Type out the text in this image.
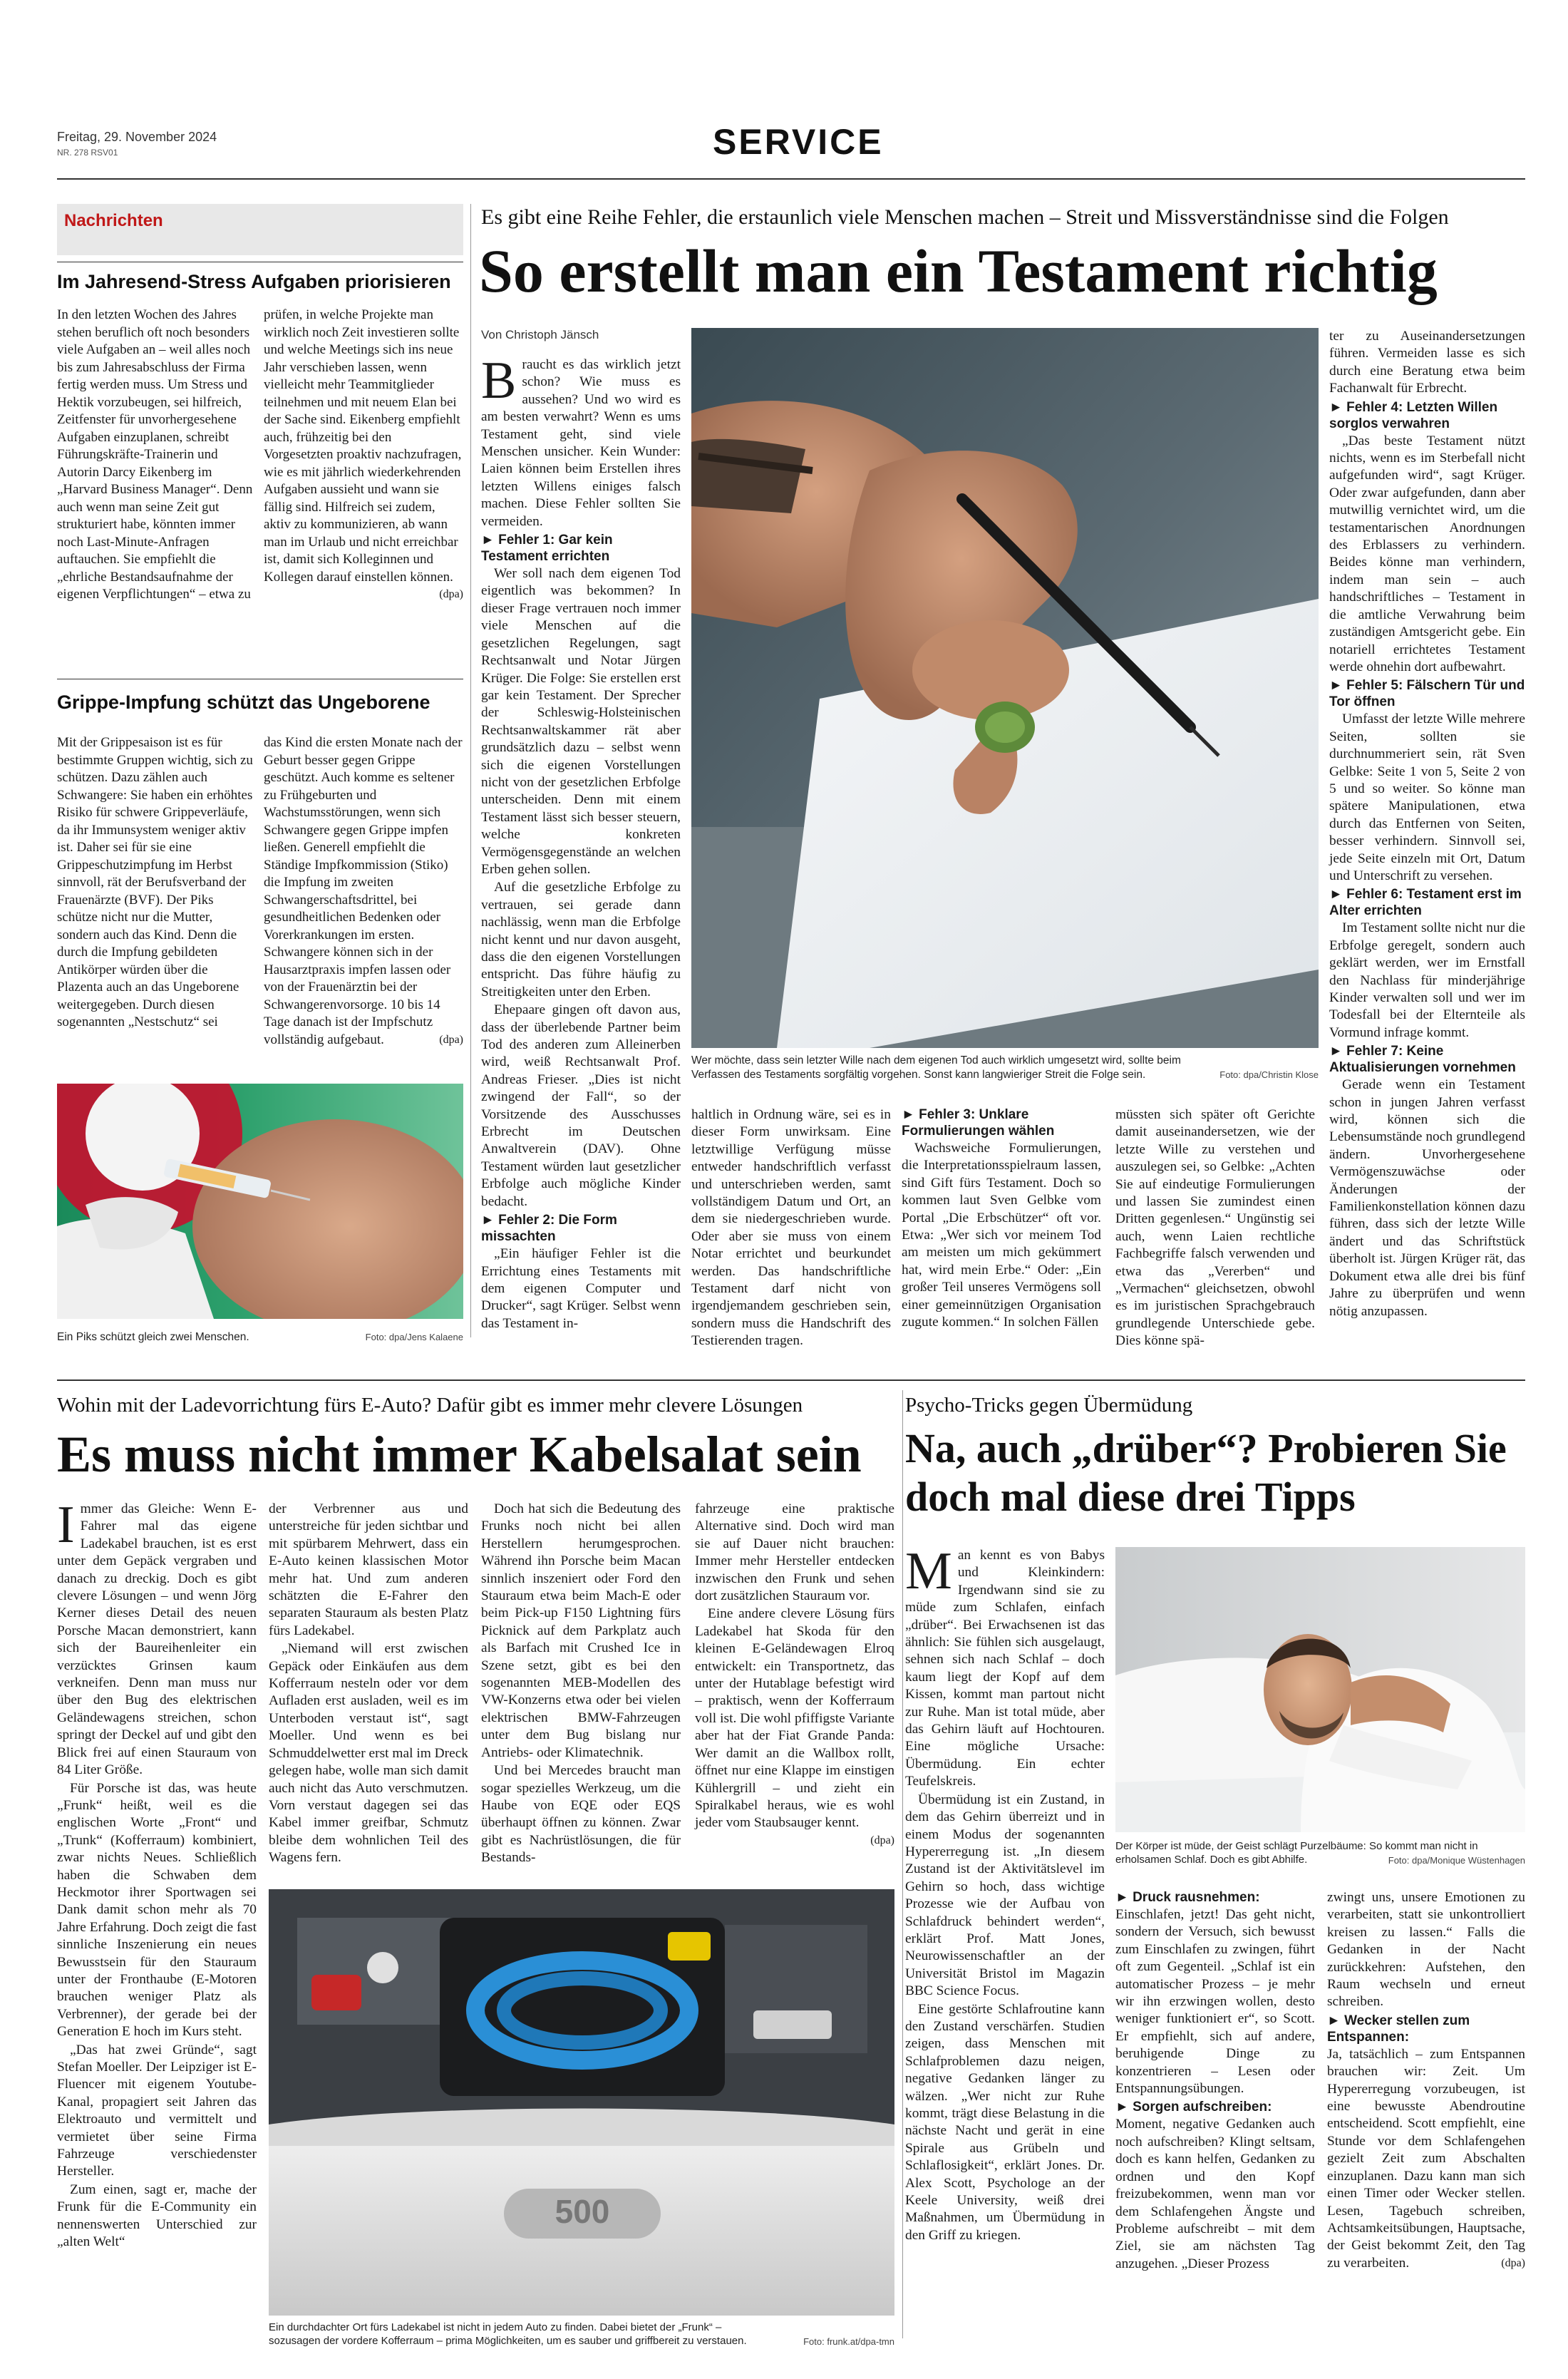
Freitag, 29. November 2024
NR. 278 RSV01	SERVICE
Nachrichten
Im Jahresend-Stress Aufgaben priorisieren

In den letzten Wochen des Jahres stehen beruflich oft noch besonders viele Aufgaben an – weil alles noch bis zum Jahresabschluss der Firma fertig werden muss. Um Stress und Hektik vorzubeugen, sei hilfreich, Zeitfenster für unvorhergesehene Aufgaben einzuplanen, schreibt Führungskräfte-Trainerin und Autorin Darcy Eikenberg im „Harvard Business Manager“. Denn auch wenn man seine Zeit gut strukturiert habe, könnten immer noch Last-Minute-Anfragen auftauchen. Sie empfiehlt die „ehrliche Bestandsaufnahme der eigenen Verpflichtungen“ – etwa zu

prüfen, in welche Projekte man wirklich noch Zeit investieren sollte und welche Meetings sich ins neue Jahr verschieben lassen, wenn vielleicht mehr Teammitglieder teilnehmen und mit neuem Elan bei der Sache sind. Eikenberg empfiehlt auch, frühzeitig bei den Vorgesetzten proaktiv nachzufragen, wie es mit jährlich wiederkehrenden Aufgaben aussieht und wann sie fällig sind. Hilfreich sei zudem, aktiv zu kommunizieren, ab wann man im Urlaub und nicht erreichbar ist, damit sich Kolleginnen und Kollegen darauf einstellen können.
(dpa)

Grippe-Impfung schützt das Ungeborene

Mit der Grippesaison ist es für bestimmte Gruppen wichtig, sich zu schützen. Dazu zählen auch Schwangere: Sie haben ein erhöhtes Risiko für schwere Grippeverläufe, da ihr Immunsystem weniger aktiv ist. Daher sei für sie eine Grippeschutzimpfung im Herbst sinnvoll, rät der Berufsverband der Frauenärzte (BVF). Der Piks schütze nicht nur die Mutter, sondern auch das Kind. Denn die durch die Impfung gebildeten Antikörper würden über die Plazenta auch an das Ungeborene weitergegeben. Durch diesen sogenannten „Nestschutz“ sei

das Kind die ersten Monate nach der Geburt besser gegen Grippe geschützt. Auch komme es seltener zu Frühgeburten und Wachstumsstörungen, wenn sich Schwangere gegen Grippe impfen ließen. Generell empfiehlt die Ständige Impfkommission (Stiko) die Impfung im zweiten Schwangerschaftsdrittel, bei gesundheitlichen Bedenken oder Vorerkrankungen im ersten. Schwangere können sich in der Hausarztpraxis impfen lassen oder von der Frauenärztin bei der Schwangerenvorsorge. 10 bis 14 Tage danach ist der Impfschutz vollständig aufgebaut.	(dpa)

Ein Piks schützt gleich zwei Menschen.	Foto: dpa/Jens Kalaene
Es gibt eine Reihe Fehler, die erstaunlich viele Menschen machen – Streit und Missverständnisse sind die Folgen
So erstellt man ein Testament richtig
Von Christoph Jänsch

Braucht es das wirklich jetzt schon? Wie muss es aussehen? Und wo wird es am besten verwahrt? Wenn es ums Testament geht, sind viele Menschen unsicher. Kein Wunder: Laien können beim Erstellen ihres letzten Willens einiges falsch machen. Diese Fehler sollten Sie vermeiden.

► Fehler 1: Gar kein Testament errichten

Wer soll nach dem eigenen Tod eigentlich was bekommen? In dieser Frage vertrauen noch immer viele Menschen auf die gesetzlichen Regelungen, sagt Rechtsanwalt und Notar Jürgen Krüger. Die Folge: Sie erstellen erst gar kein Testament. Der Sprecher der Schleswig-Holsteinischen Rechtsanwaltskammer rät aber grundsätzlich dazu – selbst wenn sich die eigenen Vorstellungen nicht von der gesetzlichen Erbfolge unterscheiden. Denn mit einem Testament lässt sich besser steuern, welche konkreten Vermögensgegenstände an welchen Erben gehen sollen.

Auf die gesetzliche Erbfolge zu vertrauen, sei gerade dann nachlässig, wenn man die Erbfolge nicht kennt und nur davon ausgeht, dass die den eigenen Vorstellungen entspricht. Das führe häufig zu Streitigkeiten unter den Erben.

Ehepaare gingen oft davon aus, dass der überlebende Partner beim Tod des anderen zum Alleinerben wird, weiß Rechtsanwalt Prof. Andreas Frieser. „Dies ist nicht zwingend der Fall“, so der Vorsitzende des Ausschusses Erbrecht im Deutschen Anwaltverein (DAV). Ohne Testament würden laut gesetzlicher Erbfolge auch mögliche Kinder bedacht.

► Fehler 2: Die Form missachten

„Ein häufiger Fehler ist die Errichtung eines Testaments mit dem eigenen Computer und Drucker“, sagt Krüger. Selbst wenn das Testament in-

Wer möchte, dass sein letzter Wille nach dem eigenen Tod auch wirklich umgesetzt wird, sollte beim Verfassen des Testaments sorgfältig vorgehen. Sonst kann langwieriger Streit die Folge sein.	Foto: dpa/Christin Klose

haltlich in Ordnung wäre, sei es in dieser Form unwirksam. Eine letztwillige Verfügung müsse entweder handschriftlich verfasst und unterschrieben werden, samt vollständigem Datum und Ort, an dem sie niedergeschrieben wurde. Oder aber sie muss von einem Notar errichtet und beurkundet werden. Das handschriftliche Testament darf nicht von irgendjemandem geschrieben sein, sondern muss die Handschrift des Testierenden tragen.

► Fehler 3: Unklare Formulierungen wählen

Wachsweiche Formulierungen, die Interpretationsspielraum lassen, sind Gift fürs Testament. Doch so kommen laut Sven Gelbke vom Portal „Die Erbschützer“ oft vor. Etwa: „Wer sich vor meinem Tod am meisten um mich gekümmert hat, wird mein Erbe.“ Oder: „Ein großer Teil unseres Vermögens soll einer gemeinnützigen Organisation zugute kommen.“ In solchen Fällen

müssten sich später oft Gerichte damit auseinandersetzen, wie der letzte Wille zu verstehen und auszulegen sei, so Gelbke: „Achten Sie auf eindeutige Formulierungen und lassen Sie zumindest einen Dritten gegenlesen.“ Ungünstig sei auch, wenn Laien rechtliche Fachbegriffe falsch verwenden und etwa das „Vererben“ und „Vermachen“ gleichsetzen, obwohl es im juristischen Sprachgebrauch grundlegende Unterschiede gebe. Dies könne spä-

ter zu Auseinandersetzungen führen. Vermeiden lasse es sich durch eine Beratung etwa beim Fachanwalt für Erbrecht.

► Fehler 4: Letzten Willen sorglos verwahren

„Das beste Testament nützt nichts, wenn es im Sterbefall nicht aufgefunden wird“, sagt Krüger. Oder zwar aufgefunden, dann aber mutwillig vernichtet wird, um die testamentarischen Anordnungen des Erblassers zu verhindern. Beides könne man verhindern, indem man sein – auch handschriftliches – Testament in die amtliche Verwahrung beim zuständigen Amtsgericht gebe. Ein notariell errichtetes Testament werde ohnehin dort aufbewahrt.

► Fehler 5: Fälschern Tür und Tor öffnen

Umfasst der letzte Wille mehrere Seiten, sollten sie durchnummeriert sein, rät Sven Gelbke: Seite 1 von 5, Seite 2 von 5 und so weiter. So könne man spätere Manipulationen, etwa durch das Entfernen von Seiten, besser verhindern. Sinnvoll sei, jede Seite einzeln mit Ort, Datum und Unterschrift zu versehen.

► Fehler 6: Testament erst im Alter errichten

Im Testament sollte nicht nur die Erbfolge geregelt, sondern auch geklärt werden, wer im Ernstfall den Nachlass für minderjährige Kinder verwalten soll und wer im Todesfall bei der Elternteile als Vormund infrage kommt.

► Fehler 7: Keine Aktualisierungen vornehmen

Gerade wenn ein Testament schon in jungen Jahren verfasst wird, können sich die Lebensumstände noch grundlegend ändern. Unvorhergesehene Vermögenszuwächse oder Änderungen der Familienkonstellation können dazu führen, dass sich der letzte Wille ändert und das Schriftstück überholt ist. Jürgen Krüger rät, das Dokument etwa alle drei bis fünf Jahre zu überprüfen und wenn nötig anzupassen.

Wohin mit der Ladevorrichtung fürs E-Auto? Dafür gibt es immer mehr clevere Lösungen
Es muss nicht immer Kabelsalat sein

Immer das Gleiche: Wenn E-Fahrer mal das eigene Ladekabel brauchen, ist es erst unter dem Gepäck vergraben und danach zu dreckig. Doch es gibt clevere Lösungen – und wenn Jörg Kerner dieses Detail des neuen Porsche Macan demonstriert, kann sich der Baureihenleiter ein verzücktes Grinsen kaum verkneifen. Denn man muss nur über den Bug des elektrischen Geländewagens streichen, schon springt der Deckel auf und gibt den Blick frei auf einen Stauraum von 84 Liter Größe.

Für Porsche ist das, was heute „Frunk“ heißt, weil es die englischen Worte „Front“ und „Trunk“ (Kofferraum) kombiniert, zwar nichts Neues. Schließlich haben die Schwaben dem Heckmotor ihrer Sportwagen sei Dank damit schon mehr als 70 Jahre Erfahrung. Doch zeigt die fast sinnliche Inszenierung ein neues Bewusstsein für den Stauraum unter der Fronthaube (E-Motoren brauchen weniger Platz als Verbrenner), der gerade bei der Generation E hoch im Kurs steht.

„Das hat zwei Gründe“, sagt Stefan Moeller. Der Leipziger ist E-Fluencer mit eigenem Youtube-Kanal, propagiert seit Jahren das Elektroauto und vermittelt und vermietet über seine Firma Fahrzeuge verschiedenster Hersteller.

Zum einen, sagt er, mache der Frunk für die E-Community ein nennenswerten Unterschied zur „alten Welt“

der Verbrenner aus und unterstreiche für jeden sichtbar und mit spürbarem Mehrwert, dass ein E-Auto keinen klassischen Motor mehr hat. Und zum anderen schätzten die E-Fahrer den separaten Stauraum als besten Platz fürs Ladekabel.

„Niemand will erst zwischen Gepäck oder Einkäufen aus dem Kofferraum nesteln oder vor dem Aufladen erst ausladen, weil es im Unterboden verstaut ist“, sagt Moeller. Und wenn es bei Schmuddelwetter erst mal im Dreck gelegen habe, wolle man sich damit auch nicht das Auto verschmutzen. Vorn verstaut dagegen sei das Kabel immer greifbar, Schmutz bleibe dem wohnlichen Teil des Wagens fern.

Doch hat sich die Bedeutung des Frunks noch nicht bei allen Herstellern herumgesprochen. Während ihn Porsche beim Macan sinnlich inszeniert oder Ford den Stauraum etwa beim Mach-E oder beim Pick-up F150 Lightning fürs Picknick auf dem Parkplatz auch als Barfach mit Crushed Ice in Szene setzt, gibt es bei den sogenannten MEB-Modellen des VW-Konzerns etwa oder bei vielen elektrischen BMW-Fahrzeugen unter dem Bug bislang nur Antriebs- oder Klimatechnik.

Und bei Mercedes braucht man sogar spezielles Werkzeug, um die Haube von EQE oder EQS überhaupt öffnen zu können. Zwar gibt es Nachrüstlösungen, die für Bestands-

fahrzeuge eine praktische Alternative sind. Doch wird man sie auf Dauer nicht brauchen: Immer mehr Hersteller entdecken inzwischen den Frunk und sehen dort zusätzlichen Stauraum vor.

Eine andere clevere Lösung fürs Ladekabel hat Skoda für den kleinen E-Geländewagen Elroq entwickelt: ein Transportnetz, das unter der Hutablage befestigt wird – praktisch, wenn der Kofferraum voll ist. Die wohl pfiffigste Variante aber hat der Fiat Grande Panda: Wer damit an die Wallbox rollt, öffnet nur eine Klappe im einstigen Kühlergrill – und zieht ein Spiralkabel heraus, wie es wohl jeder vom Staubsauger kennt.
(dpa)

500
Ein durchdachter Ort fürs Ladekabel ist nicht in jedem Auto zu finden. Dabei bietet der „Frunk“ – sozusagen der vordere Kofferraum – prima Möglichkeiten, um es sauber und griffbereit zu verstauen.	Foto: frunk.at/dpa-tmn
Psycho-Tricks gegen Übermüdung
Na, auch „drüber“? Probieren Sie
doch mal diese drei Tipps

Man kennt es von Babys und Kleinkindern: Irgendwann sind sie zu müde zum Schlafen, einfach „drüber“. Bei Erwachsenen ist das ähnlich: Sie fühlen sich ausgelaugt, sehnen sich nach Schlaf – doch kaum liegt der Kopf auf dem Kissen, kommt man partout nicht zur Ruhe. Man ist total müde, aber das Gehirn läuft auf Hochtouren. Eine mögliche Ursache: Übermüdung. Ein echter Teufelskreis.

Übermüdung ist ein Zustand, in dem das Gehirn überreizt und in einem Modus der sogenannten Hypererregung ist. „In diesem Zustand ist der Aktivitätslevel im Gehirn so hoch, dass wichtige Prozesse wie der Aufbau von Schlafdruck behindert werden“, erklärt Prof. Matt Jones, Neurowissenschaftler an der Universität Bristol im Magazin BBC Science Focus.

Eine gestörte Schlafroutine kann den Zustand verschärfen. Studien zeigen, dass Menschen mit Schlafproblemen dazu neigen, negative Gedanken länger zu wälzen. „Wer nicht zur Ruhe kommt, trägt diese Belastung in die nächste Nacht und gerät in eine Spirale aus Grübeln und Schlaflosigkeit“, erklärt Jones. Dr. Alex Scott, Psychologe an der Keele University, weiß drei Maßnahmen, um Übermüdung in den Griff zu kriegen.

Der Körper ist müde, der Geist schlägt Purzelbäume: So kommt man nicht in erholsamen Schlaf. Doch es gibt Abhilfe.	Foto: dpa/Monique Wüstenhagen
► Druck rausnehmen:

Einschlafen, jetzt! Das geht nicht, sondern der Versuch, sich bewusst zum Einschlafen zu zwingen, führt oft zum Gegenteil. „Schlaf ist ein automatischer Prozess – je mehr wir ihn erzwingen wollen, desto weniger funktioniert er“, so Scott. Er empfiehlt, sich auf andere, beruhigende Dinge zu konzentrieren – Lesen oder Entspannungsübungen.

► Sorgen aufschreiben:

Moment, negative Gedanken auch noch aufschreiben? Klingt seltsam, doch es kann helfen, Gedanken zu ordnen und den Kopf freizubekommen, wenn man vor dem Schlafengehen Ängste und Probleme aufschreibt – mit dem Ziel, sie am nächsten Tag anzugehen. „Dieser Prozess

zwingt uns, unsere Emotionen zu verarbeiten, statt sie unkontrolliert kreisen zu lassen.“ Falls die Gedanken in der Nacht zurückkehren: Aufstehen, den Raum wechseln und erneut schreiben.

► Wecker stellen zum Entspannen:

Ja, tatsächlich – zum Entspannen brauchen wir: Zeit. Um Hypererregung vorzubeugen, ist eine bewusste Abendroutine entscheidend. Scott empfiehlt, eine Stunde vor dem Schlafengehen gezielt Zeit zum Abschalten einzuplanen. Dazu kann man sich einen Timer oder Wecker stellen. Lesen, Tagebuch schreiben, Achtsamkeitsübungen, Hauptsache, der Geist bekommt Zeit, den Tag zu verarbeiten.	(dpa)
